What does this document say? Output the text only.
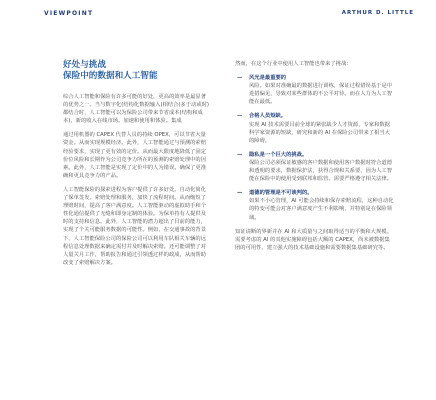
VIEWPOINT	ARTHUR D. LITTLE
好处与挑战
保险中的数据和人工智能

综合人工智能和保险有许多可能的好处，更高的效率是最显著的优势之一。当与数字化(结构化数据输入)相结合(多于动或时)都结合时，人工智能可以为保险公司带来节省成本(结构和成本)，新的收入在线市场。加速和使用和体验。集成

通过用机器的 CAPEX 代替人员的持续 OPEX，可以节省大量资金。从而实现规模经济。此外，人工智能通过与预测的索赔经验要求，实现了更有效的定价。从而最大限度地降低了固定价位风险和长期作为公司竞争力所在的预测的索赔处理中的因素。此外，人工智能是实现了定价中的人为错误。确保了更准确和更具竞争力的产品。

人工智能保险的探索进程为客户提供了许多好处。自动化简化了保单签发、索赔处理和服务，加快了流程时间。从而缩短了理赔时间，提高了客户满意度。人工智能驱动的虚拟助手和个性化通信提供了无缝和即身定制的体验。为保单持有人提供及时的支持和信息。此外，人工智能的潜力超出了目前的能力，实现了个关可能服务数据的可能性。例如，在交通事故的背景下，人工智能保险公司的保险公司可以利用车队相关车辆的远程信息处理数据来确定需付并及时解决索赔。还可能调整了对人量关月工作，帮助报告和通过引领透过样的政成，从而帮助改变了索赔解决方案。

然而，在这个行业中使用人工智能也带来了挑战：

— 风光是最重要的
风险。如果对准确最的数据进行训练，保证过程错误基于是中进措偏见，导致对某些群体的不公平对待。而在人力为人工智能在最低。
— 合格人员短缺。
实现 AI 技术需要目前全球的紧张缺少人才资源，专家和数据科学家资源的短缺，研究和新的 AI 在保险公司带来了相当大的障碍。
— 隐私是一个巨大的挑战。
保险公司必须保证敏感的客户数据和使用客户数据时符合道德和透明的要求，数据保护法，获得合规和关系要，因为人工智能在保险中的使用受到联邦和监管。需要严格遵守相关法律。
— 道德的管理是不可谈判的。
如果不小心管理，AI 可能会持续和保存索赔流程，这种自动化的特变可能会对客户满意度产生不利影响，并特别是在保险领域。

知证请断的界新并在 AI 和大质量与之间取得适当的平衡和大规模。需要考虑的 AI 的其他实施障碍包括大额的 CAPEX，尚未被数据集团的可用性、建立强大的技术基础设施和需要数据集基础研究等。
